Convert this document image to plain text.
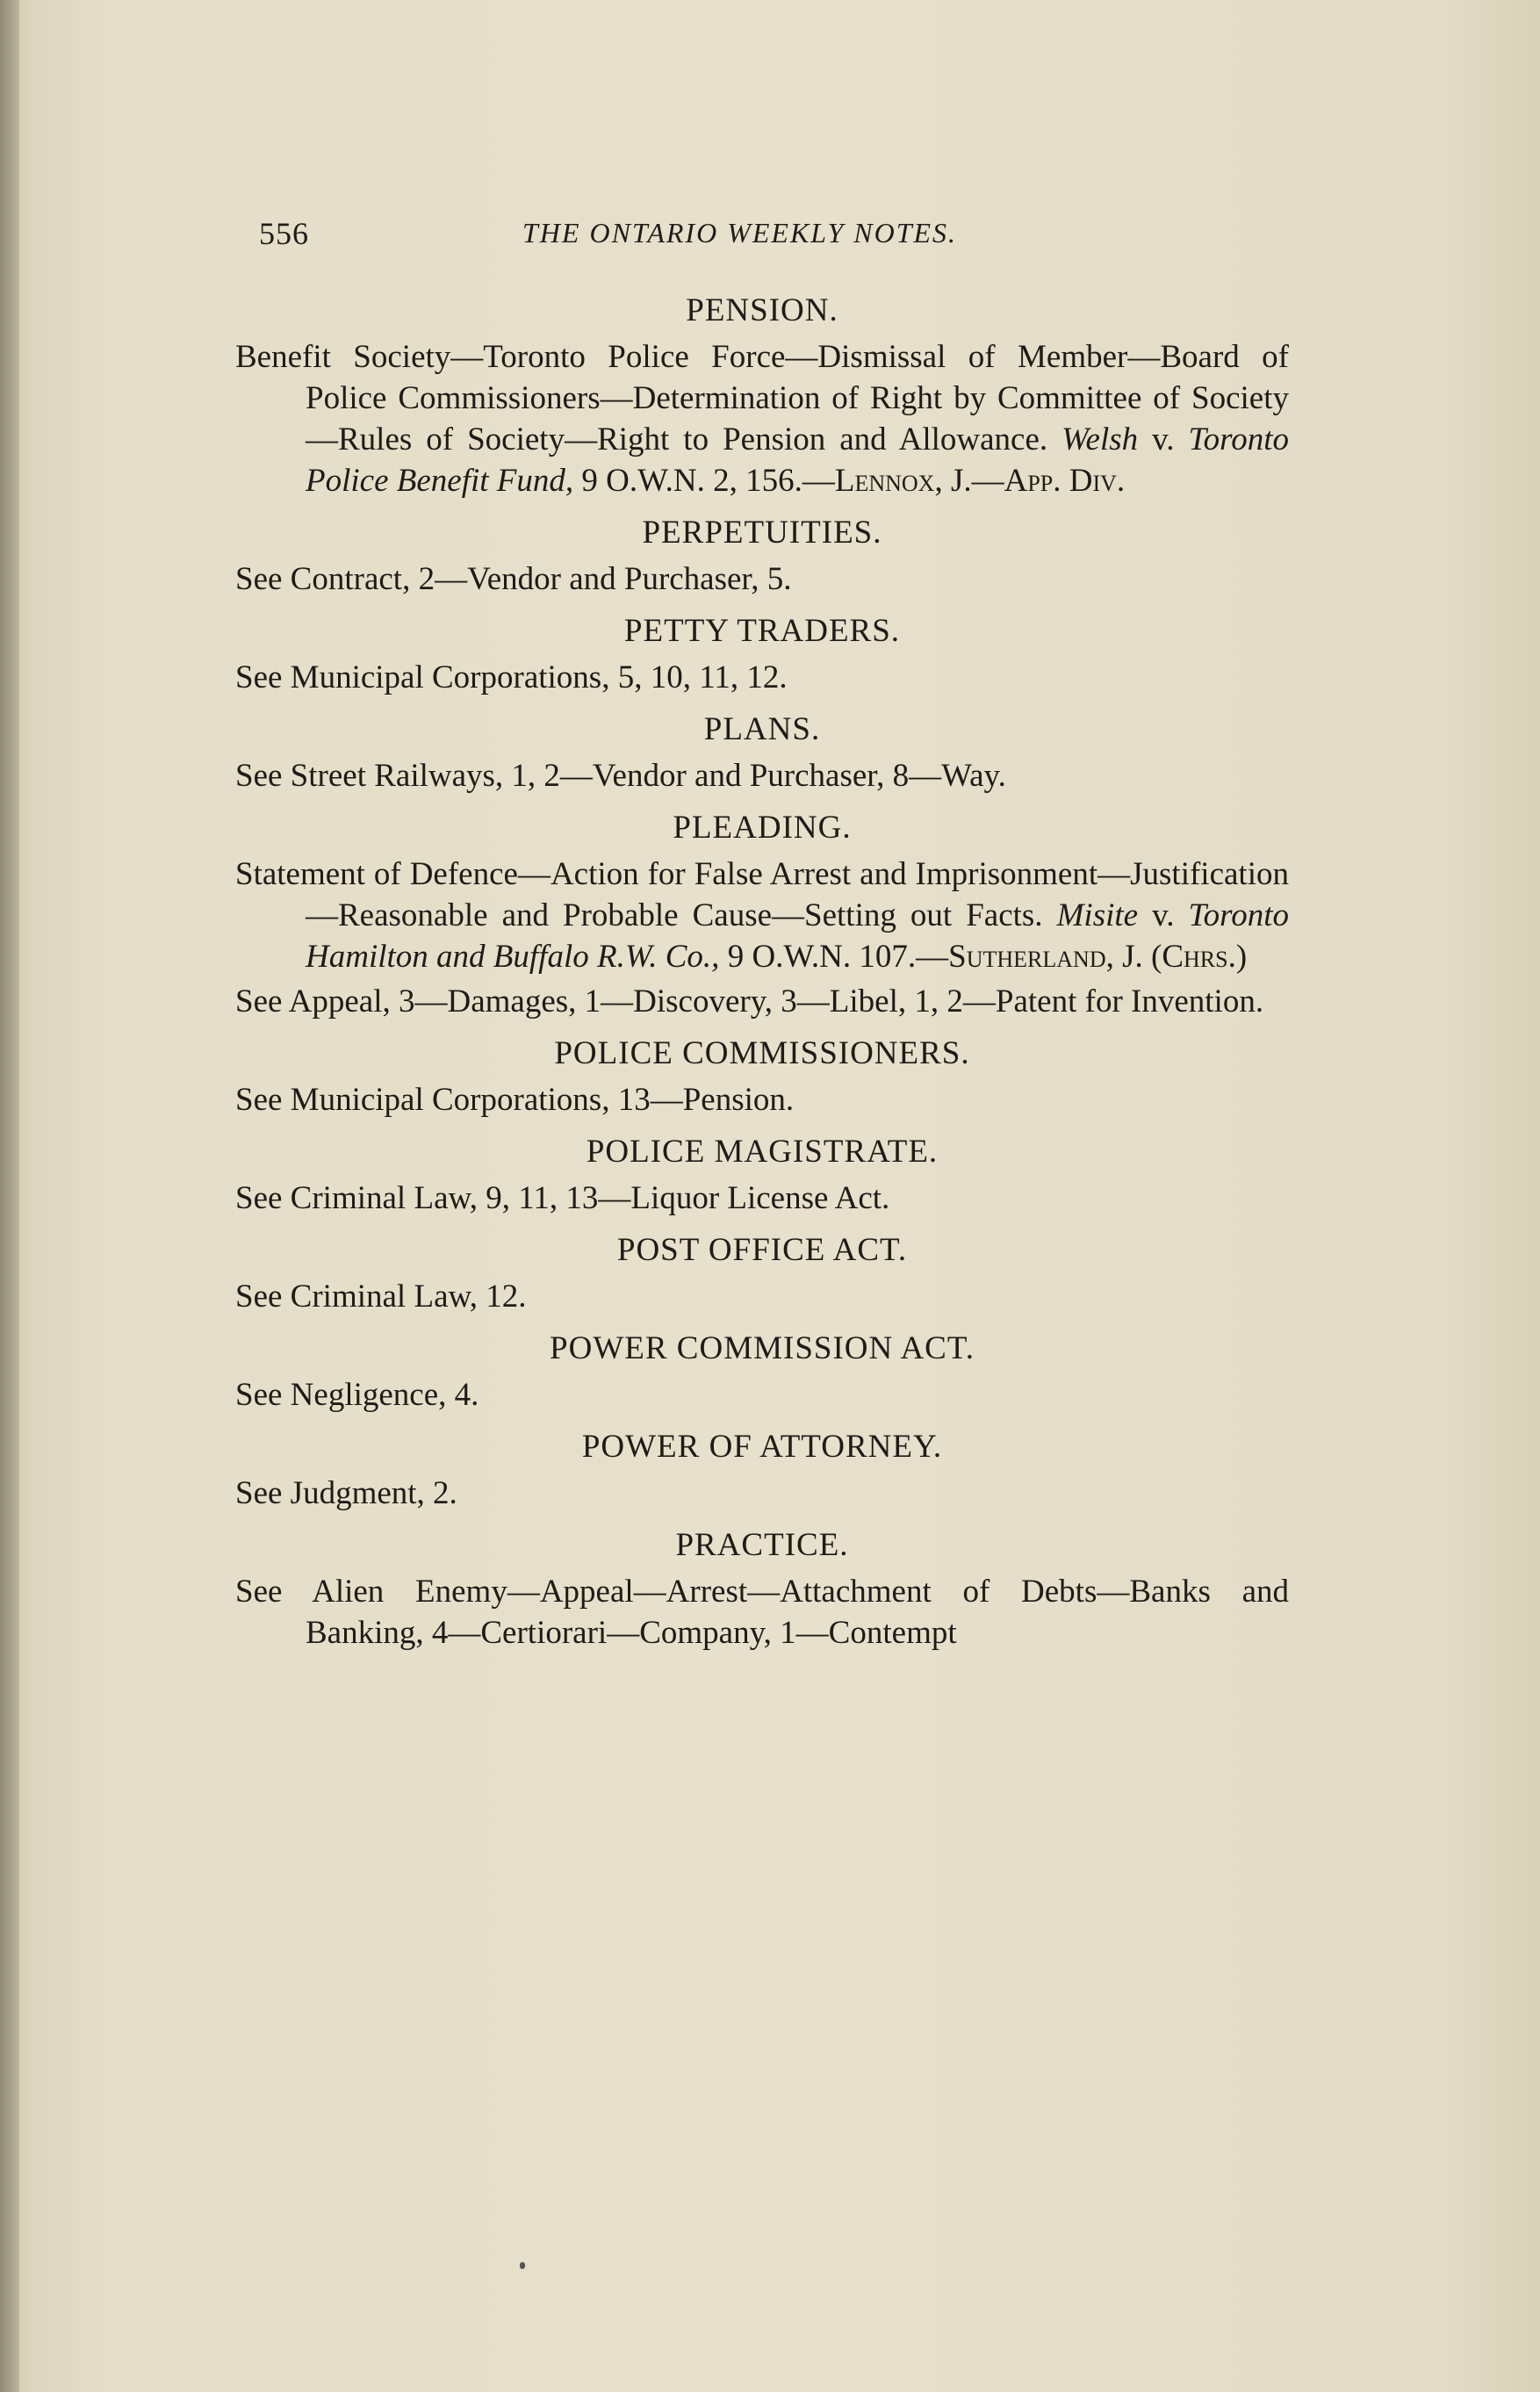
556	THE ONTARIO WEEKLY NOTES.
PENSION.

Benefit Society—Toronto Police Force—Dismissal of Member—Board of Police Commissioners—Determination of Right by Committee of Society—Rules of Society—Right to Pension and Allowance. Welsh v. Toronto Police Benefit Fund, 9 O.W.N. 2, 156.—Lennox, J.—App. Div.

PERPETUITIES.

See Contract, 2—Vendor and Purchaser, 5.

PETTY TRADERS.

See Municipal Corporations, 5, 10, 11, 12.

PLANS.

See Street Railways, 1, 2—Vendor and Purchaser, 8—Way.

PLEADING.

Statement of Defence—Action for False Arrest and Imprisonment—Justification—Reasonable and Probable Cause—Setting out Facts. Misite v. Toronto Hamilton and Buffalo R.W. Co., 9 O.W.N. 107.—Sutherland, J. (Chrs.)

See Appeal, 3—Damages, 1—Discovery, 3—Libel, 1, 2—Patent for Invention.

POLICE COMMISSIONERS.

See Municipal Corporations, 13—Pension.

POLICE MAGISTRATE.

See Criminal Law, 9, 11, 13—Liquor License Act.

POST OFFICE ACT.

See Criminal Law, 12.

POWER COMMISSION ACT.

See Negligence, 4.

POWER OF ATTORNEY.

See Judgment, 2.

PRACTICE.

See Alien Enemy—Appeal—Arrest—Attachment of Debts—Banks and Banking, 4—Certiorari—Company, 1—Contempt
